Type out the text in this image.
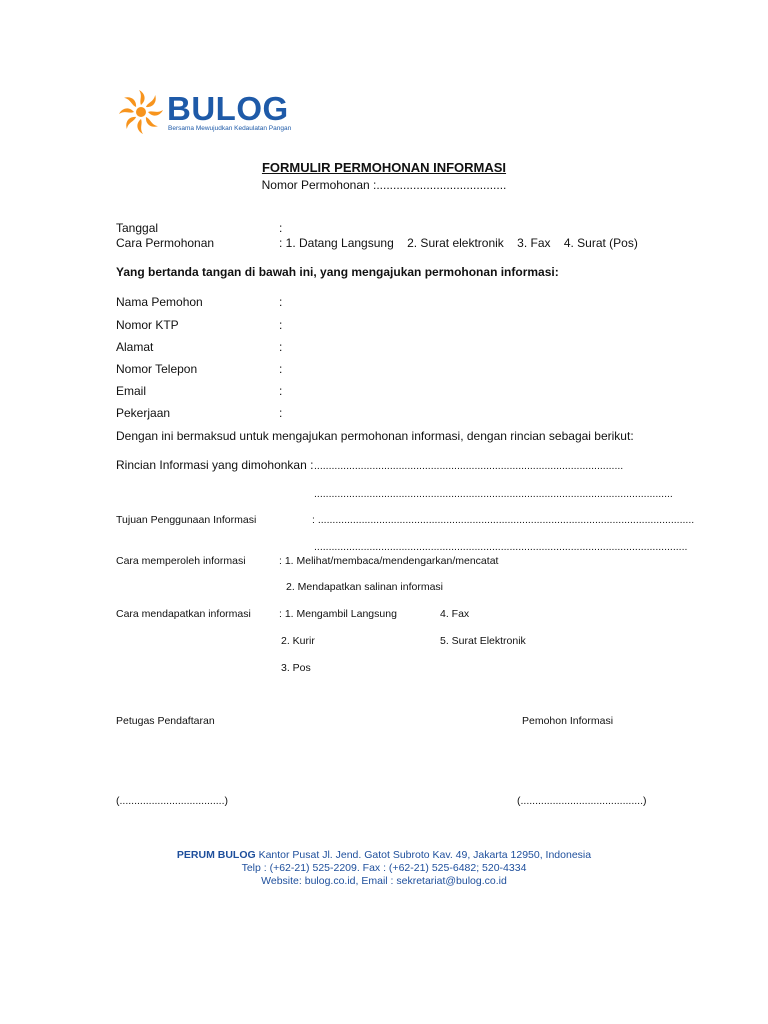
BULOG
Bersama Mewujudkan Kedaulatan Pangan
FORMULIR PERMOHONAN INFORMASI
Nomor Permohonan :.......................................
Tanggal	:
Cara Permohonan	: 1. Datang Langsung    2. Surat elektronik    3. Fax    4. Surat (Pos)
Yang bertanda tangan di bawah ini, yang mengajukan permohonan informasi:
Nama Pemohon	:
Nomor KTP	:
Alamat	:
Nomor Telepon	:
Email	:
Pekerjaan	:
Dengan ini bermaksud untuk mengajukan permohonan informasi, dengan rincian sebagai berikut:
Rincian Informasi yang dimohonkan : ..........................................................................................................
...........................................................................................................................
Tujuan Penggunaan Informasi	: .................................................................................................................................
................................................................................................................................
Cara memperoleh informasi	: 1. Melihat/membaca/mendengarkan/mencatat
2. Mendapatkan salinan informasi
Cara mendapatkan informasi	: 1. Mengambil Langsung	4. Fax
2. Kurir	5. Surat Elektronik
3. Pos
Petugas Pendaftaran	Pemohon Informasi
(....................................)	(..........................................)
PERUM BULOG Kantor Pusat Jl. Jend. Gatot Subroto Kav. 49, Jakarta 12950, Indonesia
Telp : (+62-21) 525-2209. Fax : (+62-21) 525-6482; 520-4334
Website: bulog.co.id, Email : sekretariat@bulog.co.id
